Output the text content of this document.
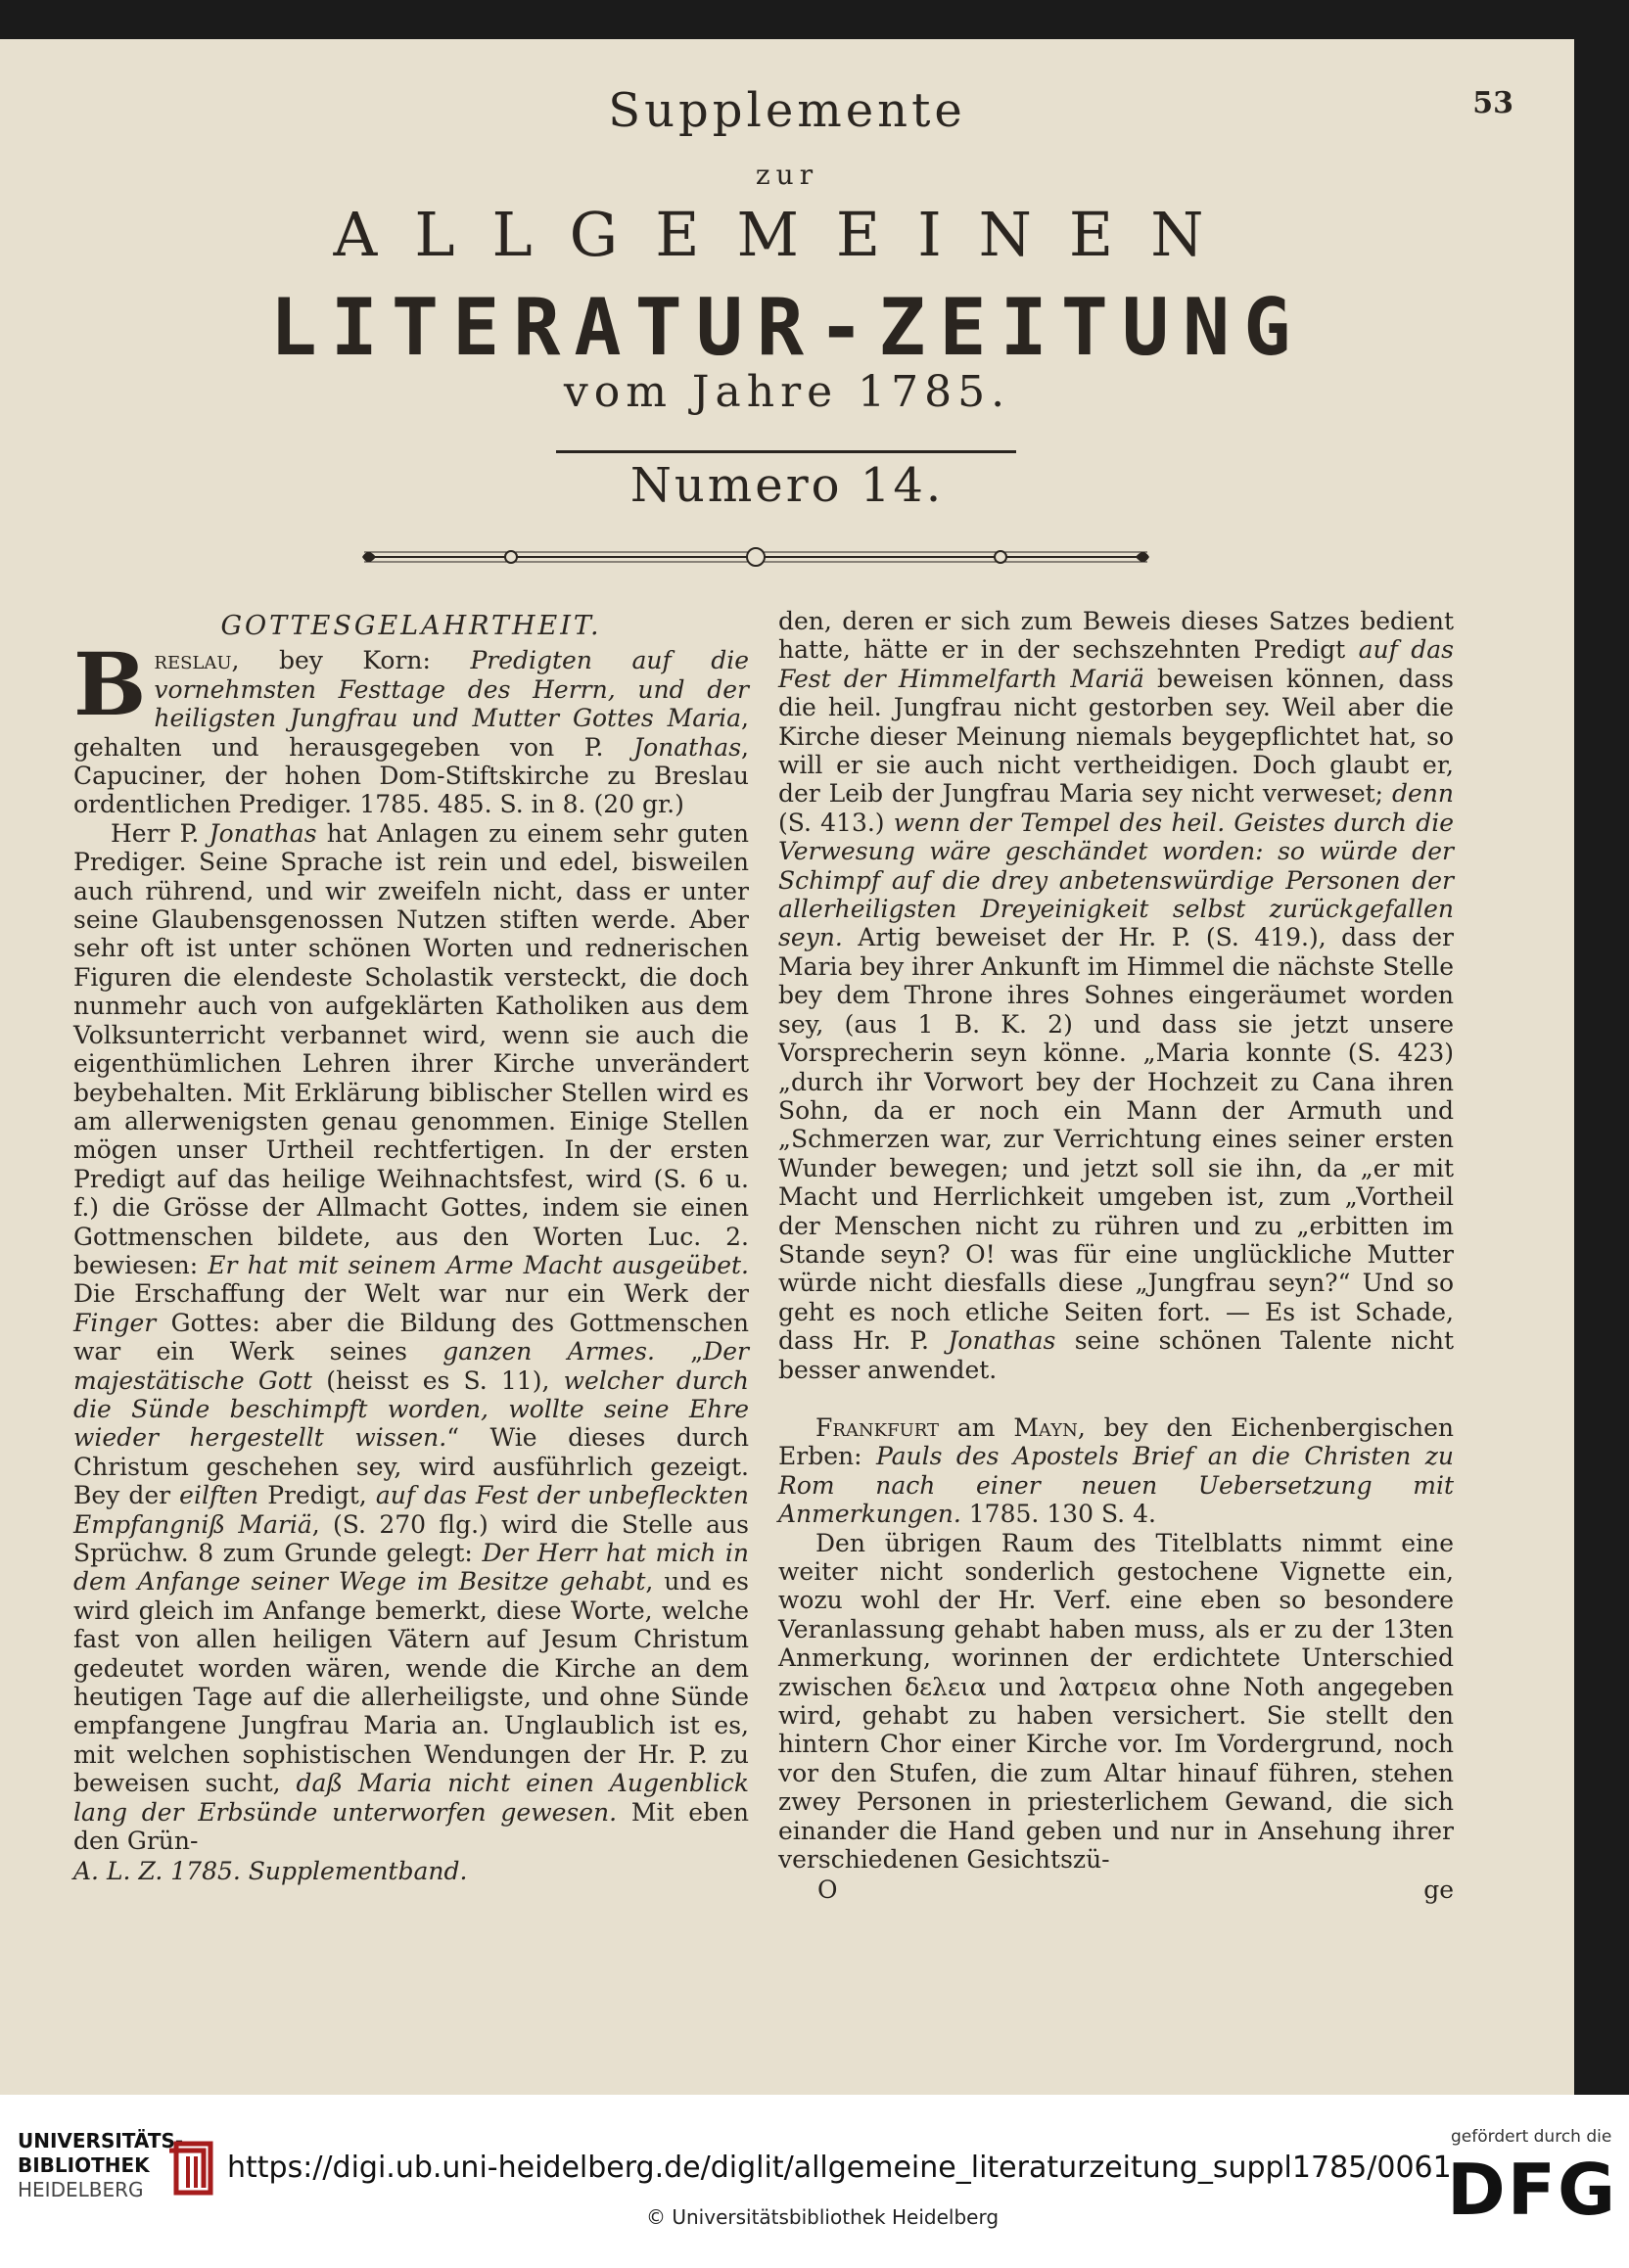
53
Supplemente
zur
ALLGEMEINEN
LITERATUR-ZEITUNG
vom Jahre 1785.
Numero 14.
GOTTESGELAHRTHEIT.

Breslau, bey Korn: Predigten auf die vornehmsten Festtage des Herrn, und der heiligsten Jungfrau und Mutter Gottes Maria, gehalten und herausgegeben von P. Jonathas, Capuciner, der hohen Dom-Stiftskirche zu Breslau ordentlichen Prediger. 1785. 485. S. in 8. (20 gr.)

Herr P. Jonathas hat Anlagen zu einem sehr guten Prediger. Seine Sprache ist rein und edel, bisweilen auch rührend, und wir zweifeln nicht, dass er unter seine Glaubensgenossen Nutzen stiften werde. Aber sehr oft ist unter schönen Worten und rednerischen Figuren die elendeste Scholastik versteckt, die doch nunmehr auch von aufgeklärten Katholiken aus dem Volksunterricht verbannet wird, wenn sie auch die eigenthümlichen Lehren ihrer Kirche unverändert beybehalten. Mit Erklärung biblischer Stellen wird es am allerwenigsten genau genommen. Einige Stellen mögen unser Urtheil rechtfertigen. In der ersten Predigt auf das heilige Weihnachtsfest, wird (S. 6 u. f.) die Grösse der Allmacht Gottes, indem sie einen Gottmenschen bildete, aus den Worten Luc. 2. bewiesen: Er hat mit seinem Arme Macht ausgeübet. Die Erschaffung der Welt war nur ein Werk der Finger Gottes: aber die Bildung des Gottmenschen war ein Werk seines ganzen Armes. „Der majestätische Gott (heisst es S. 11), welcher durch die Sünde beschimpft worden, wollte seine Ehre wieder hergestellt wissen.“ Wie dieses durch Christum geschehen sey, wird ausführlich gezeigt. Bey der eilften Predigt, auf das Fest der unbefleckten Empfangniß Mariä, (S. 270 flg.) wird die Stelle aus Sprüchw. 8 zum Grunde gelegt: Der Herr hat mich in dem Anfange seiner Wege im Besitze gehabt, und es wird gleich im Anfange bemerkt, diese Worte, welche fast von allen heiligen Vätern auf Jesum Christum gedeutet worden wären, wende die Kirche an dem heutigen Tage auf die allerheiligste, und ohne Sünde empfangene Jungfrau Maria an. Unglaublich ist es, mit welchen sophistischen Wendungen der Hr. P. zu beweisen sucht, daß Maria nicht einen Augenblick lang der Erbsünde unterworfen gewesen. Mit eben den Grün-

A. L. Z. 1785. Supplementband.

den, deren er sich zum Beweis dieses Satzes bedient hatte, hätte er in der sechszehnten Predigt auf das Fest der Himmelfarth Mariä beweisen können, dass die heil. Jungfrau nicht gestorben sey. Weil aber die Kirche dieser Meinung niemals beygepflichtet hat, so will er sie auch nicht vertheidigen. Doch glaubt er, der Leib der Jungfrau Maria sey nicht verweset; denn (S. 413.) wenn der Tempel des heil. Geistes durch die Verwesung wäre geschändet worden: so würde der Schimpf auf die drey anbetenswürdige Personen der allerheiligsten Dreyeinigkeit selbst zurückgefallen seyn. Artig beweiset der Hr. P. (S. 419.), dass der Maria bey ihrer Ankunft im Himmel die nächste Stelle bey dem Throne ihres Sohnes eingeräumet worden sey, (aus 1 B. K. 2) und dass sie jetzt unsere Vorsprecherin seyn könne. „Maria konnte (S. 423) „durch ihr Vorwort bey der Hochzeit zu Cana ihren Sohn, da er noch ein Mann der Armuth und „Schmerzen war, zur Verrichtung eines seiner ersten Wunder bewegen; und jetzt soll sie ihn, da „er mit Macht und Herrlichkeit umgeben ist, zum „Vortheil der Menschen nicht zu rühren und zu „erbitten im Stande seyn? O! was für eine unglückliche Mutter würde nicht diesfalls diese „Jungfrau seyn?“ Und so geht es noch etliche Seiten fort. — Es ist Schade, dass Hr. P. Jonathas seine schönen Talente nicht besser anwendet.

Frankfurt am Mayn, bey den Eichenbergischen Erben: Pauls des Apostels Brief an die Christen zu Rom nach einer neuen Uebersetzung mit Anmerkungen. 1785. 130 S. 4.

Den übrigen Raum des Titelblatts nimmt eine weiter nicht sonderlich gestochene Vignette ein, wozu wohl der Hr. Verf. eine eben so besondere Veranlassung gehabt haben muss, als er zu der 13ten Anmerkung, worinnen der erdichtete Unterschied zwischen δελεια und λατρεια ohne Noth angegeben wird, gehabt zu haben versichert. Sie stellt den hintern Chor einer Kirche vor. Im Vordergrund, noch vor den Stufen, die zum Altar hinauf führen, stehen zwey Personen in priesterlichem Gewand, die sich einander die Hand geben und nur in Ansehung ihrer verschiedenen Gesichtszü-

O	ge
UNIVERSITÄTS-
BIBLIOTHEK
HEIDELBERG
https://digi.ub.uni-heidelberg.de/diglit/allgemeine_literaturzeitung_suppl1785/0061
© Universitätsbibliothek Heidelberg
gefördert durch die
DFG
